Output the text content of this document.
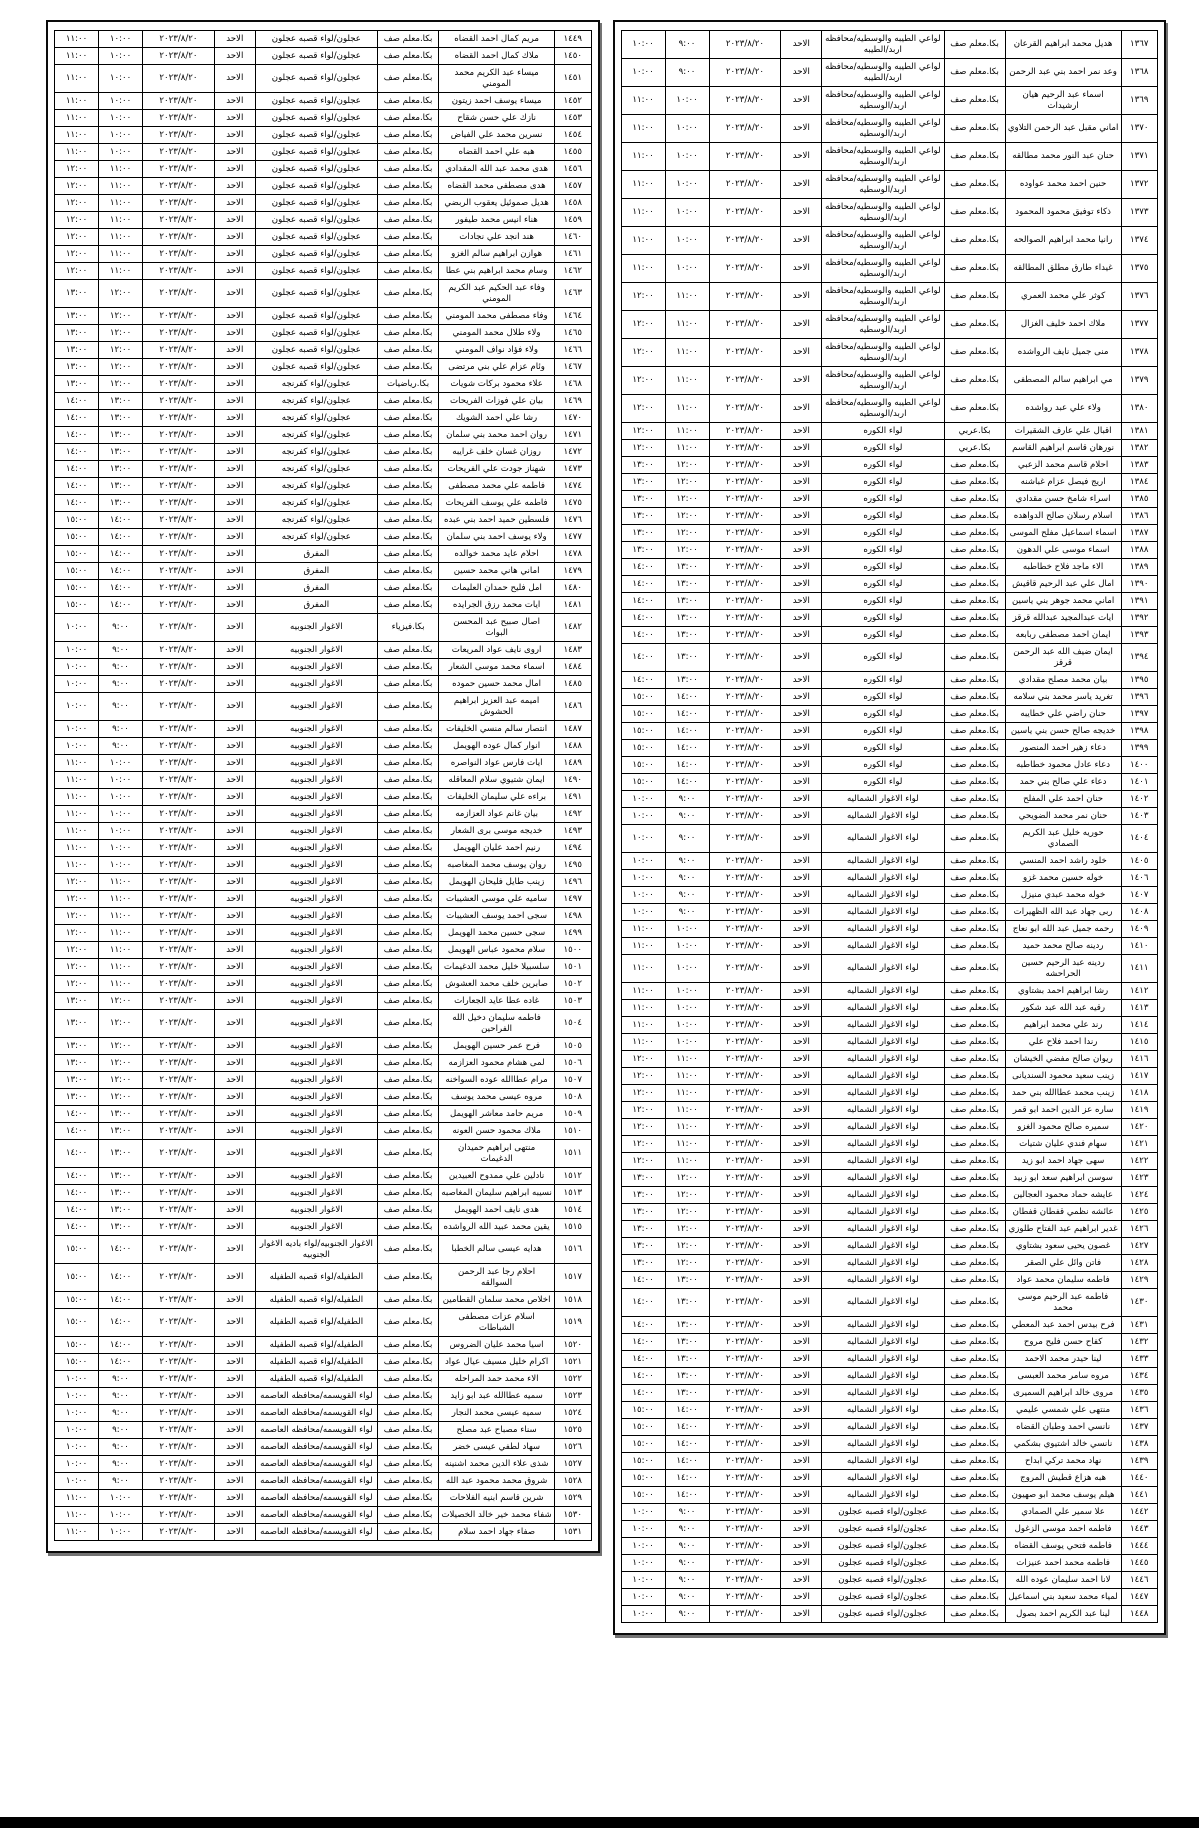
١٣٦٧	هديل محمد ابراهيم القرعان	بكا.معلم صف	لواعي الطيبه والوسطيه/محافظه اربد/الطيبه	الاحد	٢٠٢٣/٨/٢٠	٩:٠٠	١٠:٠٠
١٣٦٨	وعد نمر احمد بني عبد الرحمن	بكا.معلم صف	لواعي الطيبه والوسطيه/محافظه اربد/الطيبه	الاحد	٢٠٢٣/٨/٢٠	٩:٠٠	١٠:٠٠
١٣٦٩	اسماء عبد الرحيم هيان ارشيدات	بكا.معلم صف	لواعي الطيبه والوسطيه/محافظه اربد/الوسطيه	الاحد	٢٠٢٣/٨/٢٠	١٠:٠٠	١١:٠٠
١٣٧٠	اماني مقبل عبد الرحمن التلاوي	بكا.معلم صف	لواعي الطيبه والوسطيه/محافظه اربد/الوسطيه	الاحد	٢٠٢٣/٨/٢٠	١٠:٠٠	١١:٠٠
١٣٧١	حنان عبد النور محمد مطالقه	بكا.معلم صف	لواعي الطيبه والوسطيه/محافظه اربد/الوسطيه	الاحد	٢٠٢٣/٨/٢٠	١٠:٠٠	١١:٠٠
١٣٧٢	حنين احمد محمد عواوده	بكا.معلم صف	لواعي الطيبه والوسطيه/محافظه اربد/الوسطيه	الاحد	٢٠٢٣/٨/٢٠	١٠:٠٠	١١:٠٠
١٣٧٣	ذكاء توفيق محمود المحمود	بكا.معلم صف	لواعي الطيبه والوسطيه/محافظه اربد/الوسطيه	الاحد	٢٠٢٣/٨/٢٠	١٠:٠٠	١١:٠٠
١٣٧٤	رانيا محمد ابراهيم الصوالحه	بكا.معلم صف	لواعي الطيبه والوسطيه/محافظه اربد/الوسطيه	الاحد	٢٠٢٣/٨/٢٠	١٠:٠٠	١١:٠٠
١٣٧٥	غيداء طارق مطلق المطالقه	بكا.معلم صف	لواعي الطيبه والوسطيه/محافظه اربد/الوسطيه	الاحد	٢٠٢٣/٨/٢٠	١٠:٠٠	١١:٠٠
١٣٧٦	كوثر علي محمد العمري	بكا.معلم صف	لواعي الطيبه والوسطيه/محافظه اربد/الوسطيه	الاحد	٢٠٢٣/٨/٢٠	١١:٠٠	١٢:٠٠
١٣٧٧	ملاك احمد خليف الغزال	بكا.معلم صف	لواعي الطيبه والوسطيه/محافظه اربد/الوسطيه	الاحد	٢٠٢٣/٨/٢٠	١١:٠٠	١٢:٠٠
١٣٧٨	منى جميل نايف الرواشده	بكا.معلم صف	لواعي الطيبه والوسطيه/محافظه اربد/الوسطيه	الاحد	٢٠٢٣/٨/٢٠	١١:٠٠	١٢:٠٠
١٣٧٩	مي ابراهيم سالم المصطفى	بكا.معلم صف	لواعي الطيبه والوسطيه/محافظه اربد/الوسطيه	الاحد	٢٠٢٣/٨/٢٠	١١:٠٠	١٢:٠٠
١٣٨٠	ولاء علي عبد رواشده	بكا.معلم صف	لواعي الطيبه والوسطيه/محافظه اربد/الوسطيه	الاحد	٢٠٢٣/٨/٢٠	١١:٠٠	١٢:٠٠
١٣٨١	اقبال علي عارف الشقيرات	بكا.عربي	لواء الكوره	الاحد	٢٠٢٣/٨/٢٠	١١:٠٠	١٢:٠٠
١٣٨٢	نورهان قاسم ابراهيم القاسم	بكا.عربي	لواء الكوره	الاحد	٢٠٢٣/٨/٢٠	١١:٠٠	١٢:٠٠
١٣٨٣	احلام قاسم محمد الزعبي	بكا.معلم صف	لواء الكوره	الاحد	٢٠٢٣/٨/٢٠	١٢:٠٠	١٣:٠٠
١٣٨٤	اريج فيصل عزام غباشنه	بكا.معلم صف	لواء الكوره	الاحد	٢٠٢٣/٨/٢٠	١٢:٠٠	١٣:٠٠
١٣٨٥	اسراء شامخ حسن مقدادي	بكا.معلم صف	لواء الكوره	الاحد	٢٠٢٣/٨/٢٠	١٢:٠٠	١٣:٠٠
١٣٨٦	اسلام رسلان صالح الدواهده	بكا.معلم صف	لواء الكوره	الاحد	٢٠٢٣/٨/٢٠	١٢:٠٠	١٣:٠٠
١٣٨٧	اسماء اسماعيل مفلح الموسى	بكا.معلم صف	لواء الكوره	الاحد	٢٠٢٣/٨/٢٠	١٢:٠٠	١٣:٠٠
١٣٨٨	اسماء موسى علي الدهون	بكا.معلم صف	لواء الكوره	الاحد	٢٠٢٣/٨/٢٠	١٢:٠٠	١٣:٠٠
١٣٨٩	الاء ماجد فلاح خطاطبه	بكا.معلم صف	لواء الكوره	الاحد	٢٠٢٣/٨/٢٠	١٣:٠٠	١٤:٠٠
١٣٩٠	امال علي عبد الرحيم قاقيش	بكا.معلم صف	لواء الكوره	الاحد	٢٠٢٣/٨/٢٠	١٣:٠٠	١٤:٠٠
١٣٩١	اماني محمد جوهر بني ياسين	بكا.معلم صف	لواء الكوره	الاحد	٢٠٢٣/٨/٢٠	١٣:٠٠	١٤:٠٠
١٣٩٢	ايات عبدالمجيد عبدالله قرقز	بكا.معلم صف	لواء الكوره	الاحد	٢٠٢٣/٨/٢٠	١٣:٠٠	١٤:٠٠
١٣٩٣	ايمان احمد مصطفى ربابعه	بكا.معلم صف	لواء الكوره	الاحد	٢٠٢٣/٨/٢٠	١٣:٠٠	١٤:٠٠
١٣٩٤	ايمان ضيف الله عبد الرحمن قرقز	بكا.معلم صف	لواء الكوره	الاحد	٢٠٢٣/٨/٢٠	١٣:٠٠	١٤:٠٠
١٣٩٥	بيان محمد مصلح مقدادي	بكا.معلم صف	لواء الكوره	الاحد	٢٠٢٣/٨/٢٠	١٣:٠٠	١٤:٠٠
١٣٩٦	تغريد ياسر محمد بني سلامه	بكا.معلم صف	لواء الكوره	الاحد	٢٠٢٣/٨/٢٠	١٤:٠٠	١٥:٠٠
١٣٩٧	حنان راضي علي خطايبه	بكا.معلم صف	لواء الكوره	الاحد	٢٠٢٣/٨/٢٠	١٤:٠٠	١٥:٠٠
١٣٩٨	خديجه صالح حسن بني ياسين	بكا.معلم صف	لواء الكوره	الاحد	٢٠٢٣/٨/٢٠	١٤:٠٠	١٥:٠٠
١٣٩٩	دعاء زهير احمد المنصور	بكا.معلم صف	لواء الكوره	الاحد	٢٠٢٣/٨/٢٠	١٤:٠٠	١٥:٠٠
١٤٠٠	دعاء عادل محمود خطاطبه	بكا.معلم صف	لواء الكوره	الاحد	٢٠٢٣/٨/٢٠	١٤:٠٠	١٥:٠٠
١٤٠١	دعاء علي صالح بني حمد	بكا.معلم صف	لواء الكوره	الاحد	٢٠٢٣/٨/٢٠	١٤:٠٠	١٥:٠٠
١٤٠٢	حنان احمد علي المفلح	بكا.معلم صف	لواء الاغوار الشماليه	الاحد	٢٠٢٣/٨/٢٠	٩:٠٠	١٠:٠٠
١٤٠٣	حنان نمر محمد الضويحي	بكا.معلم صف	لواء الاغوار الشماليه	الاحد	٢٠٢٣/٨/٢٠	٩:٠٠	١٠:٠٠
١٤٠٤	حوريه خليل عبد الكريم الصمادي	بكا.معلم صف	لواء الاغوار الشماليه	الاحد	٢٠٢٣/٨/٢٠	٩:٠٠	١٠:٠٠
١٤٠٥	خلود راشد احمد المنسي	بكا.معلم صف	لواء الاغوار الشماليه	الاحد	٢٠٢٣/٨/٢٠	٩:٠٠	١٠:٠٠
١٤٠٦	خوله حسين محمد غزو	بكا.معلم صف	لواء الاغوار الشماليه	الاحد	٢٠٢٣/٨/٢٠	٩:٠٠	١٠:٠٠
١٤٠٧	خوله محمد عبدي منيزل	بكا.معلم صف	لواء الاغوار الشماليه	الاحد	٢٠٢٣/٨/٢٠	٩:٠٠	١٠:٠٠
١٤٠٨	ربى جهاد عبد الله الظهيرات	بكا.معلم صف	لواء الاغوار الشماليه	الاحد	٢٠٢٣/٨/٢٠	٩:٠٠	١٠:٠٠
١٤٠٩	رحمه جميل عبد الله ابو نعاج	بكا.معلم صف	لواء الاغوار الشماليه	الاحد	٢٠٢٣/٨/٢٠	١٠:٠٠	١١:٠٠
١٤١٠	ردينه صالح محمد حميد	بكا.معلم صف	لواء الاغوار الشماليه	الاحد	٢٠٢٣/٨/٢٠	١٠:٠٠	١١:٠٠
١٤١١	ردينه عبد الرحيم حسين الحراحشه	بكا.معلم صف	لواء الاغوار الشماليه	الاحد	٢٠٢٣/٨/٢٠	١٠:٠٠	١١:٠٠
١٤١٢	رشا ابراهيم احمد بشتاوي	بكا.معلم صف	لواء الاغوار الشماليه	الاحد	٢٠٢٣/٨/٢٠	١٠:٠٠	١١:٠٠
١٤١٣	رقيه عبد الله عبد شكور	بكا.معلم صف	لواء الاغوار الشماليه	الاحد	٢٠٢٣/٨/٢٠	١٠:٠٠	١١:٠٠
١٤١٤	رند علي محمد ابراهيم	بكا.معلم صف	لواء الاغوار الشماليه	الاحد	٢٠٢٣/٨/٢٠	١٠:٠٠	١١:٠٠
١٤١٥	رندا احمد فلاح علي	بكا.معلم صف	لواء الاغوار الشماليه	الاحد	٢٠٢٣/٨/٢٠	١٠:٠٠	١١:٠٠
١٤١٦	ريوان صالح مفضي الخيشان	بكا.معلم صف	لواء الاغوار الشماليه	الاحد	٢٠٢٣/٨/٢٠	١١:٠٠	١٢:٠٠
١٤١٧	زينب سعيد محمود السنديانى	بكا.معلم صف	لواء الاغوار الشماليه	الاحد	٢٠٢٣/٨/٢٠	١١:٠٠	١٢:٠٠
١٤١٨	زينب محمد عطاالله بني حمد	بكا.معلم صف	لواء الاغوار الشماليه	الاحد	٢٠٢٣/٨/٢٠	١١:٠٠	١٢:٠٠
١٤١٩	ساره عز الدين احمد ابو قمر	بكا.معلم صف	لواء الاغوار الشماليه	الاحد	٢٠٢٣/٨/٢٠	١١:٠٠	١٢:٠٠
١٤٢٠	سميره صالح محمود الغزو	بكا.معلم صف	لواء الاغوار الشماليه	الاحد	٢٠٢٣/٨/٢٠	١١:٠٠	١٢:٠٠
١٤٢١	سهام فندي عليان شتيات	بكا.معلم صف	لواء الاغوار الشماليه	الاحد	٢٠٢٣/٨/٢٠	١١:٠٠	١٢:٠٠
١٤٢٢	سهى جهاد احمد ابو زيد	بكا.معلم صف	لواء الاغوار الشماليه	الاحد	٢٠٢٣/٨/٢٠	١١:٠٠	١٢:٠٠
١٤٢٣	سوسن ابراهيم سعد ابو زبيد	بكا.معلم صف	لواء الاغوار الشماليه	الاحد	٢٠٢٣/٨/٢٠	١٢:٠٠	١٣:٠٠
١٤٢٤	عايشه حماد محمود العجالين	بكا.معلم صف	لواء الاغوار الشماليه	الاحد	٢٠٢٣/٨/٢٠	١٢:٠٠	١٣:٠٠
١٤٢٥	عائشه نظمي قفطان قفطان	بكا.معلم صف	لواء الاغوار الشماليه	الاحد	٢٠٢٣/٨/٢٠	١٢:٠٠	١٣:٠٠
١٤٢٦	غدير ابراهيم عبد الفتاح طلوزي	بكا.معلم صف	لواء الاغوار الشماليه	الاحد	٢٠٢٣/٨/٢٠	١٢:٠٠	١٣:٠٠
١٤٢٧	غصون يحيى سعود بشتاوي	بكا.معلم صف	لواء الاغوار الشماليه	الاحد	٢٠٢٣/٨/٢٠	١٢:٠٠	١٣:٠٠
١٤٢٨	فاتن وائل علي الصقر	بكا.معلم صف	لواء الاغوار الشماليه	الاحد	٢٠٢٣/٨/٢٠	١٢:٠٠	١٣:٠٠
١٤٢٩	فاطمه سليمان محمد عواد	بكا.معلم صف	لواء الاغوار الشماليه	الاحد	٢٠٢٣/٨/٢٠	١٣:٠٠	١٤:٠٠
١٤٣٠	فاطمه عبد الرحيم موسى محمد	بكا.معلم صف	لواء الاغوار الشماليه	الاحد	٢٠٢٣/٨/٢٠	١٣:٠٠	١٤:٠٠
١٤٣١	فرح بيدس احمد عبد المعطي	بكا.معلم صف	لواء الاغوار الشماليه	الاحد	٢٠٢٣/٨/٢٠	١٣:٠٠	١٤:٠٠
١٤٣٢	كفاح حسن فليح مروح	بكا.معلم صف	لواء الاغوار الشماليه	الاحد	٢٠٢٣/٨/٢٠	١٣:٠٠	١٤:٠٠
١٤٣٣	لينا حيدر محمد الاحمد	بكا.معلم صف	لواء الاغوار الشماليه	الاحد	٢٠٢٣/٨/٢٠	١٣:٠٠	١٤:٠٠
١٤٣٤	مروه سامر محمد العبسى	بكا.معلم صف	لواء الاغوار الشماليه	الاحد	٢٠٢٣/٨/٢٠	١٣:٠٠	١٤:٠٠
١٤٣٥	مروى خالد ابراهيم السميرى	بكا.معلم صف	لواء الاغوار الشماليه	الاحد	٢٠٢٣/٨/٢٠	١٣:٠٠	١٤:٠٠
١٤٣٦	منتهى علي شمسي عليمي	بكا.معلم صف	لواء الاغوار الشماليه	الاحد	٢٠٢٣/٨/٢٠	١٤:٠٠	١٥:٠٠
١٤٣٧	نانسي احمد وطبان القضاه	بكا.معلم صف	لواء الاغوار الشماليه	الاحد	٢٠٢٣/٨/٢٠	١٤:٠٠	١٥:٠٠
١٤٣٨	نانسي خالد اشتيوي بشكمي	بكا.معلم صف	لواء الاغوار الشماليه	الاحد	٢٠٢٣/٨/٢٠	١٤:٠٠	١٥:٠٠
١٤٣٩	نهاد محمد تركي ابداح	بكا.معلم صف	لواء الاغوار الشماليه	الاحد	٢٠٢٣/٨/٢٠	١٤:٠٠	١٥:٠٠
١٤٤٠	هبه هزاع قطيش المروج	بكا.معلم صف	لواء الاغوار الشماليه	الاحد	٢٠٢٣/٨/٢٠	١٤:٠٠	١٥:٠٠
١٤٤١	هيلم يوسف محمد ابو صهيون	بكا.معلم صف	لواء الاغوار الشماليه	الاحد	٢٠٢٣/٨/٢٠	١٤:٠٠	١٥:٠٠
١٤٤٢	علا سمير علي الصمادي	بكا.معلم صف	عجلون/لواء قصبه عجلون	الاحد	٢٠٢٣/٨/٢٠	٩:٠٠	١٠:٠٠
١٤٤٣	فاطمه احمد موسى الزغول	بكا.معلم صف	عجلون/لواء قصبه عجلون	الاحد	٢٠٢٣/٨/٢٠	٩:٠٠	١٠:٠٠
١٤٤٤	فاطمه فتحي يوسف القضاه	بكا.معلم صف	عجلون/لواء قصبه عجلون	الاحد	٢٠٢٣/٨/٢٠	٩:٠٠	١٠:٠٠
١٤٤٥	فاطمه محمد احمد عنيزات	بكا.معلم صف	عجلون/لواء قصبه عجلون	الاحد	٢٠٢٣/٨/٢٠	٩:٠٠	١٠:٠٠
١٤٤٦	لانا احمد سليمان عوده الله	بكا.معلم صف	عجلون/لواء قصبه عجلون	الاحد	٢٠٢٣/٨/٢٠	٩:٠٠	١٠:٠٠
١٤٤٧	لمياء محمد سعيد بني اسماعيل	بكا.معلم صف	عجلون/لواء قصبه عجلون	الاحد	٢٠٢٣/٨/٢٠	٩:٠٠	١٠:٠٠
١٤٤٨	لينا عبد الكريم احمد بصول	بكا.معلم صف	عجلون/لواء قصبه عجلون	الاحد	٢٠٢٣/٨/٢٠	٩:٠٠	١٠:٠٠
١٤٤٩	مريم كمال احمد القضاه	بكا.معلم صف	عجلون/لواء قصبه عجلون	الاحد	٢٠٢٣/٨/٢٠	١٠:٠٠	١١:٠٠
١٤٥٠	ملاك كمال احمد القضاه	بكا.معلم صف	عجلون/لواء قصبه عجلون	الاحد	٢٠٢٣/٨/٢٠	١٠:٠٠	١١:٠٠
١٤٥١	ميساء عبد الكريم محمد المومني	بكا.معلم صف	عجلون/لواء قصبه عجلون	الاحد	٢٠٢٣/٨/٢٠	١٠:٠٠	١١:٠٠
١٤٥٢	ميساء يوسف احمد زيتون	بكا.معلم صف	عجلون/لواء قصبه عجلون	الاحد	٢٠٢٣/٨/٢٠	١٠:٠٠	١١:٠٠
١٤٥٣	نازك علي حسن شقاح	بكا.معلم صف	عجلون/لواء قصبه عجلون	الاحد	٢٠٢٣/٨/٢٠	١٠:٠٠	١١:٠٠
١٤٥٤	نسرين محمد علي الفياض	بكا.معلم صف	عجلون/لواء قصبه عجلون	الاحد	٢٠٢٣/٨/٢٠	١٠:٠٠	١١:٠٠
١٤٥٥	هبه علي احمد القضاه	بكا.معلم صف	عجلون/لواء قصبه عجلون	الاحد	٢٠٢٣/٨/٢٠	١٠:٠٠	١١:٠٠
١٤٥٦	هدى محمد عبد الله المقدادي	بكا.معلم صف	عجلون/لواء قصبه عجلون	الاحد	٢٠٢٣/٨/٢٠	١١:٠٠	١٢:٠٠
١٤٥٧	هدى مصطفى محمد القضاه	بكا.معلم صف	عجلون/لواء قصبه عجلون	الاحد	٢٠٢٣/٨/٢٠	١١:٠٠	١٢:٠٠
١٤٥٨	هديل صموئيل يعقوب الربضي	بكا.معلم صف	عجلون/لواء قصبه عجلون	الاحد	٢٠٢٣/٨/٢٠	١١:٠٠	١٢:٠٠
١٤٥٩	هناء انيس محمد طيفور	بكا.معلم صف	عجلون/لواء قصبه عجلون	الاحد	٢٠٢٣/٨/٢٠	١١:٠٠	١٢:٠٠
١٤٦٠	هند انجد علي نجادات	بكا.معلم صف	عجلون/لواء قصبه عجلون	الاحد	٢٠٢٣/٨/٢٠	١١:٠٠	١٢:٠٠
١٤٦١	هوازن ابراهيم سالم الغزو	بكا.معلم صف	عجلون/لواء قصبه عجلون	الاحد	٢٠٢٣/٨/٢٠	١١:٠٠	١٢:٠٠
١٤٦٢	وسام محمد ابراهيم بني عطا	بكا.معلم صف	عجلون/لواء قصبه عجلون	الاحد	٢٠٢٣/٨/٢٠	١١:٠٠	١٢:٠٠
١٤٦٣	وفاء عبد الحكيم عبد الكريم المومني	بكا.معلم صف	عجلون/لواء قصبه عجلون	الاحد	٢٠٢٣/٨/٢٠	١٢:٠٠	١٣:٠٠
١٤٦٤	وفاء مصطفى محمد المومني	بكا.معلم صف	عجلون/لواء قصبه عجلون	الاحد	٢٠٢٣/٨/٢٠	١٢:٠٠	١٣:٠٠
١٤٦٥	ولاء طلال محمد المومني	بكا.معلم صف	عجلون/لواء قصبه عجلون	الاحد	٢٠٢٣/٨/٢٠	١٢:٠٠	١٣:٠٠
١٤٦٦	ولاء فؤاد نواف المومني	بكا.معلم صف	عجلون/لواء قصبه عجلون	الاحد	٢٠٢٣/٨/٢٠	١٢:٠٠	١٣:٠٠
١٤٦٧	وئام عزام علي بني مرتضى	بكا.معلم صف	عجلون/لواء قصبه عجلون	الاحد	٢٠٢٣/٨/٢٠	١٢:٠٠	١٣:٠٠
١٤٦٨	علاء محمود بركات شويات	بكا.رياضيات	عجلون/لواء كفرنجه	الاحد	٢٠٢٣/٨/٢٠	١٢:٠٠	١٣:٠٠
١٤٦٩	بيان علي فوزات الفريحات	بكا.معلم صف	عجلون/لواء كفرنجه	الاحد	٢٠٢٣/٨/٢٠	١٣:٠٠	١٤:٠٠
١٤٧٠	رشا علي احمد الشويك	بكا.معلم صف	عجلون/لواء كفرنجه	الاحد	٢٠٢٣/٨/٢٠	١٣:٠٠	١٤:٠٠
١٤٧١	روان احمد محمد بني سلمان	بكا.معلم صف	عجلون/لواء كفرنجه	الاحد	٢٠٢٣/٨/٢٠	١٣:٠٠	١٤:٠٠
١٤٧٢	روزان غسان خلف غرايبه	بكا.معلم صف	عجلون/لواء كفرنجه	الاحد	٢٠٢٣/٨/٢٠	١٣:٠٠	١٤:٠٠
١٤٧٣	شهناز جودت علي الفريحات	بكا.معلم صف	عجلون/لواء كفرنجه	الاحد	٢٠٢٣/٨/٢٠	١٣:٠٠	١٤:٠٠
١٤٧٤	فاطمه علي محمد مصطفى	بكا.معلم صف	عجلون/لواء كفرنجه	الاحد	٢٠٢٣/٨/٢٠	١٣:٠٠	١٤:٠٠
١٤٧٥	فاطمه علي يوسف الفريحات	بكا.معلم صف	عجلون/لواء كفرنجه	الاحد	٢٠٢٣/٨/٢٠	١٣:٠٠	١٤:٠٠
١٤٧٦	فلسطين حميد احمد بني عبده	بكا.معلم صف	عجلون/لواء كفرنجه	الاحد	٢٠٢٣/٨/٢٠	١٤:٠٠	١٥:٠٠
١٤٧٧	ولاء يوسف احمد بني سلمان	بكا.معلم صف	عجلون/لواء كفرنجه	الاحد	٢٠٢٣/٨/٢٠	١٤:٠٠	١٥:٠٠
١٤٧٨	احلام عايد محمد خوالده	بكا.معلم صف	المفرق	الاحد	٢٠٢٣/٨/٢٠	١٤:٠٠	١٥:٠٠
١٤٧٩	اماني هاني محمد حسين	بكا.معلم صف	المفرق	الاحد	٢٠٢٣/٨/٢٠	١٤:٠٠	١٥:٠٠
١٤٨٠	امل فليح حمدان العليمات	بكا.معلم صف	المفرق	الاحد	٢٠٢٣/٨/٢٠	١٤:٠٠	١٥:٠٠
١٤٨١	ايات محمد رزق الجرايده	بكا.معلم صف	المفرق	الاحد	٢٠٢٣/٨/٢٠	١٤:٠٠	١٥:٠٠
١٤٨٢	اصال صبيح عبد المحسن البوات	بكا.فيزياء	الاغوار الجنوبيه	الاحد	٢٠٢٣/٨/٢٠	٩:٠٠	١٠:٠٠
١٤٨٣	اروى نايف عواد المريعات	بكا.معلم صف	الاغوار الجنوبيه	الاحد	٢٠٢٣/٨/٢٠	٩:٠٠	١٠:٠٠
١٤٨٤	اسماء محمد موسى الشعار	بكا.معلم صف	الاغوار الجنوبيه	الاحد	٢٠٢٣/٨/٢٠	٩:٠٠	١٠:٠٠
١٤٨٥	امال محمد حسين حموده	بكا.معلم صف	الاغوار الجنوبيه	الاحد	٢٠٢٣/٨/٢٠	٩:٠٠	١٠:٠٠
١٤٨٦	اميمه عبد العزيز ابراهيم الحشوش	بكا.معلم صف	الاغوار الجنوبيه	الاحد	٢٠٢٣/٨/٢٠	٩:٠٠	١٠:٠٠
١٤٨٧	انتصار سالم منسي الخليفات	بكا.معلم صف	الاغوار الجنوبيه	الاحد	٢٠٢٣/٨/٢٠	٩:٠٠	١٠:٠٠
١٤٨٨	انوار كمال عوده الهويمل	بكا.معلم صف	الاغوار الجنوبيه	الاحد	٢٠٢٣/٨/٢٠	٩:٠٠	١٠:٠٠
١٤٨٩	ايات فارس عواد النواصره	بكا.معلم صف	الاغوار الجنوبيه	الاحد	٢٠٢٣/٨/٢٠	١٠:٠٠	١١:٠٠
١٤٩٠	ايمان شتيوي سلام المعاقله	بكا.معلم صف	الاغوار الجنوبيه	الاحد	٢٠٢٣/٨/٢٠	١٠:٠٠	١١:٠٠
١٤٩١	براءه علي سليمان الخليفات	بكا.معلم صف	الاغوار الجنوبيه	الاحد	٢٠٢٣/٨/٢٠	١٠:٠٠	١١:٠٠
١٤٩٢	بيان غانم عواد العزازمه	بكا.معلم صف	الاغوار الجنوبيه	الاحد	٢٠٢٣/٨/٢٠	١٠:٠٠	١١:٠٠
١٤٩٣	خديجه موسى برى الشعار	بكا.معلم صف	الاغوار الجنوبيه	الاحد	٢٠٢٣/٨/٢٠	١٠:٠٠	١١:٠٠
١٤٩٤	رنيم احمد عليان الهويمل	بكا.معلم صف	الاغوار الجنوبيه	الاحد	٢٠٢٣/٨/٢٠	١٠:٠٠	١١:٠٠
١٤٩٥	روان يوسف محمد المغاصبه	بكا.معلم صف	الاغوار الجنوبيه	الاحد	٢٠٢٣/٨/٢٠	١٠:٠٠	١١:٠٠
١٤٩٦	زينب طايل فليحان الهويمل	بكا.معلم صف	الاغوار الجنوبيه	الاحد	٢٠٢٣/٨/٢٠	١١:٠٠	١٢:٠٠
١٤٩٧	ساميه علي موسى العشيبات	بكا.معلم صف	الاغوار الجنوبيه	الاحد	٢٠٢٣/٨/٢٠	١١:٠٠	١٢:٠٠
١٤٩٨	سجى احمد يوسف العشيبات	بكا.معلم صف	الاغوار الجنوبيه	الاحد	٢٠٢٣/٨/٢٠	١١:٠٠	١٢:٠٠
١٤٩٩	سجى حسين محمد الهويمل	بكا.معلم صف	الاغوار الجنوبيه	الاحد	٢٠٢٣/٨/٢٠	١١:٠٠	١٢:٠٠
١٥٠٠	سلام محمود عباس الهويمل	بكا.معلم صف	الاغوار الجنوبيه	الاحد	٢٠٢٣/٨/٢٠	١١:٠٠	١٢:٠٠
١٥٠١	سلسبيلا خليل محمد الدغيمات	بكا.معلم صف	الاغوار الجنوبيه	الاحد	٢٠٢٣/٨/٢٠	١١:٠٠	١٢:٠٠
١٥٠٢	صابرين خلف محمد العشوش	بكا.معلم صف	الاغوار الجنوبيه	الاحد	٢٠٢٣/٨/٢٠	١١:٠٠	١٢:٠٠
١٥٠٣	غاده عطا عايد الجعارات	بكا.معلم صف	الاغوار الجنوبيه	الاحد	٢٠٢٣/٨/٢٠	١٢:٠٠	١٣:٠٠
١٥٠٤	فاطمه سليمان دخيل الله الفراحين	بكا.معلم صف	الاغوار الجنوبيه	الاحد	٢٠٢٣/٨/٢٠	١٢:٠٠	١٣:٠٠
١٥٠٥	فرح عمر حسين الهويمل	بكا.معلم صف	الاغوار الجنوبيه	الاحد	٢٠٢٣/٨/٢٠	١٢:٠٠	١٣:٠٠
١٥٠٦	لمى هشام محمود العزازمه	بكا.معلم صف	الاغوار الجنوبيه	الاحد	٢٠٢٣/٨/٢٠	١٢:٠٠	١٣:٠٠
١٥٠٧	مرام عطاالله عوده السواخنه	بكا.معلم صف	الاغوار الجنوبيه	الاحد	٢٠٢٣/٨/٢٠	١٢:٠٠	١٣:٠٠
١٥٠٨	مروه عيسى محمد يوسف	بكا.معلم صف	الاغوار الجنوبيه	الاحد	٢٠٢٣/٨/٢٠	١٢:٠٠	١٣:٠٠
١٥٠٩	مريم حامد معاشر الهويمل	بكا.معلم صف	الاغوار الجنوبيه	الاحد	٢٠٢٣/٨/٢٠	١٣:٠٠	١٤:٠٠
١٥١٠	ملاك محمود حسن العونه	بكا.معلم صف	الاغوار الجنوبيه	الاحد	٢٠٢٣/٨/٢٠	١٣:٠٠	١٤:٠٠
١٥١١	منتهى ابراهيم حميدان الدغيمات	بكا.معلم صف	الاغوار الجنوبيه	الاحد	٢٠٢٣/٨/٢٠	١٣:٠٠	١٤:٠٠
١٥١٢	نادلين علي ممدوح العبيدين	بكا.معلم صف	الاغوار الجنوبيه	الاحد	٢٠٢٣/٨/٢٠	١٣:٠٠	١٤:٠٠
١٥١٣	نسيبه ابراهيم سليمان المغاصبه	بكا.معلم صف	الاغوار الجنوبيه	الاحد	٢٠٢٣/٨/٢٠	١٣:٠٠	١٤:٠٠
١٥١٤	هدى نايف احمد الهويمل	بكا.معلم صف	الاغوار الجنوبيه	الاحد	٢٠٢٣/٨/٢٠	١٣:٠٠	١٤:٠٠
١٥١٥	يقين محمد عبيد الله الرواشده	بكا.معلم صف	الاغوار الجنوبيه	الاحد	٢٠٢٣/٨/٢٠	١٣:٠٠	١٤:٠٠
١٥١٦	هدايه عيسى سالم الخطبا	بكا.معلم صف	الاغوار الجنوبيه/لواء باديه الاغوار الجنوبيه	الاحد	٢٠٢٣/٨/٢٠	١٤:٠٠	١٥:٠٠
١٥١٧	احلام رجا عبد الرحمن السوالقه	بكا.معلم صف	الطفيله/لواء قصبه الطفيله	الاحد	٢٠٢٣/٨/٢٠	١٤:٠٠	١٥:٠٠
١٥١٨	اخلاص محمد سلمان القطامين	بكا.معلم صف	الطفيله/لواء قصبه الطفيله	الاحد	٢٠٢٣/٨/٢٠	١٤:٠٠	١٥:٠٠
١٥١٩	اسلام عزات مصطفى الشباطات	بكا.معلم صف	الطفيله/لواء قصبه الطفيله	الاحد	٢٠٢٣/٨/٢٠	١٤:٠٠	١٥:٠٠
١٥٢٠	اسيا محمد عليان الضروس	بكا.معلم صف	الطفيله/لواء قصبه الطفيله	الاحد	٢٠٢٣/٨/٢٠	١٤:٠٠	١٥:٠٠
١٥٢١	اكرام خليل مسيف عيال عواد	بكا.معلم صف	الطفيله/لواء قصبه الطفيله	الاحد	٢٠٢٣/٨/٢٠	١٤:٠٠	١٥:٠٠
١٥٢٢	الاء محمد حمد المراحله	بكا.معلم صف	الطفيله/لواء قصبه الطفيله	الاحد	٢٠٢٣/٨/٢٠	٩:٠٠	١٠:٠٠
١٥٢٣	سميه عطاالله عبد ابو زايد	بكا.معلم صف	لواء القويسمه/محافظه العاصمه	الاحد	٢٠٢٣/٨/٢٠	٩:٠٠	١٠:٠٠
١٥٢٤	سميه عيسى محمد النجار	بكا.معلم صف	لواء القويسمه/محافظه العاصمه	الاحد	٢٠٢٣/٨/٢٠	٩:٠٠	١٠:٠٠
١٥٢٥	سناء مصباح عبد مصلح	بكا.معلم صف	لواء القويسمه/محافظه العاصمه	الاحد	٢٠٢٣/٨/٢٠	٩:٠٠	١٠:٠٠
١٥٢٦	سهاد لطفي عيسى خضر	بكا.معلم صف	لواء القويسمه/محافظه العاصمه	الاحد	٢٠٢٣/٨/٢٠	٩:٠٠	١٠:٠٠
١٥٢٧	شذى علاء الدين محمد اشنينه	بكا.معلم صف	لواء القويسمه/محافظه العاصمه	الاحد	٢٠٢٣/٨/٢٠	٩:٠٠	١٠:٠٠
١٥٢٨	شروق محمد محمود عبد الله	بكا.معلم صف	لواء القويسمه/محافظه العاصمه	الاحد	٢٠٢٣/٨/٢٠	٩:٠٠	١٠:٠٠
١٥٢٩	شرين قاسم ابنيه الفلاحات	بكا.معلم صف	لواء القويسمه/محافظه العاصمه	الاحد	٢٠٢٣/٨/٢٠	١٠:٠٠	١١:٠٠
١٥٣٠	شفاء محمد خير خالد الخصيلات	بكا.معلم صف	لواء القويسمه/محافظه العاصمه	الاحد	٢٠٢٣/٨/٢٠	١٠:٠٠	١١:٠٠
١٥٣١	صفاء جهاد احمد سلام	بكا.معلم صف	لواء القويسمه/محافظه العاصمه	الاحد	٢٠٢٣/٨/٢٠	١٠:٠٠	١١:٠٠
